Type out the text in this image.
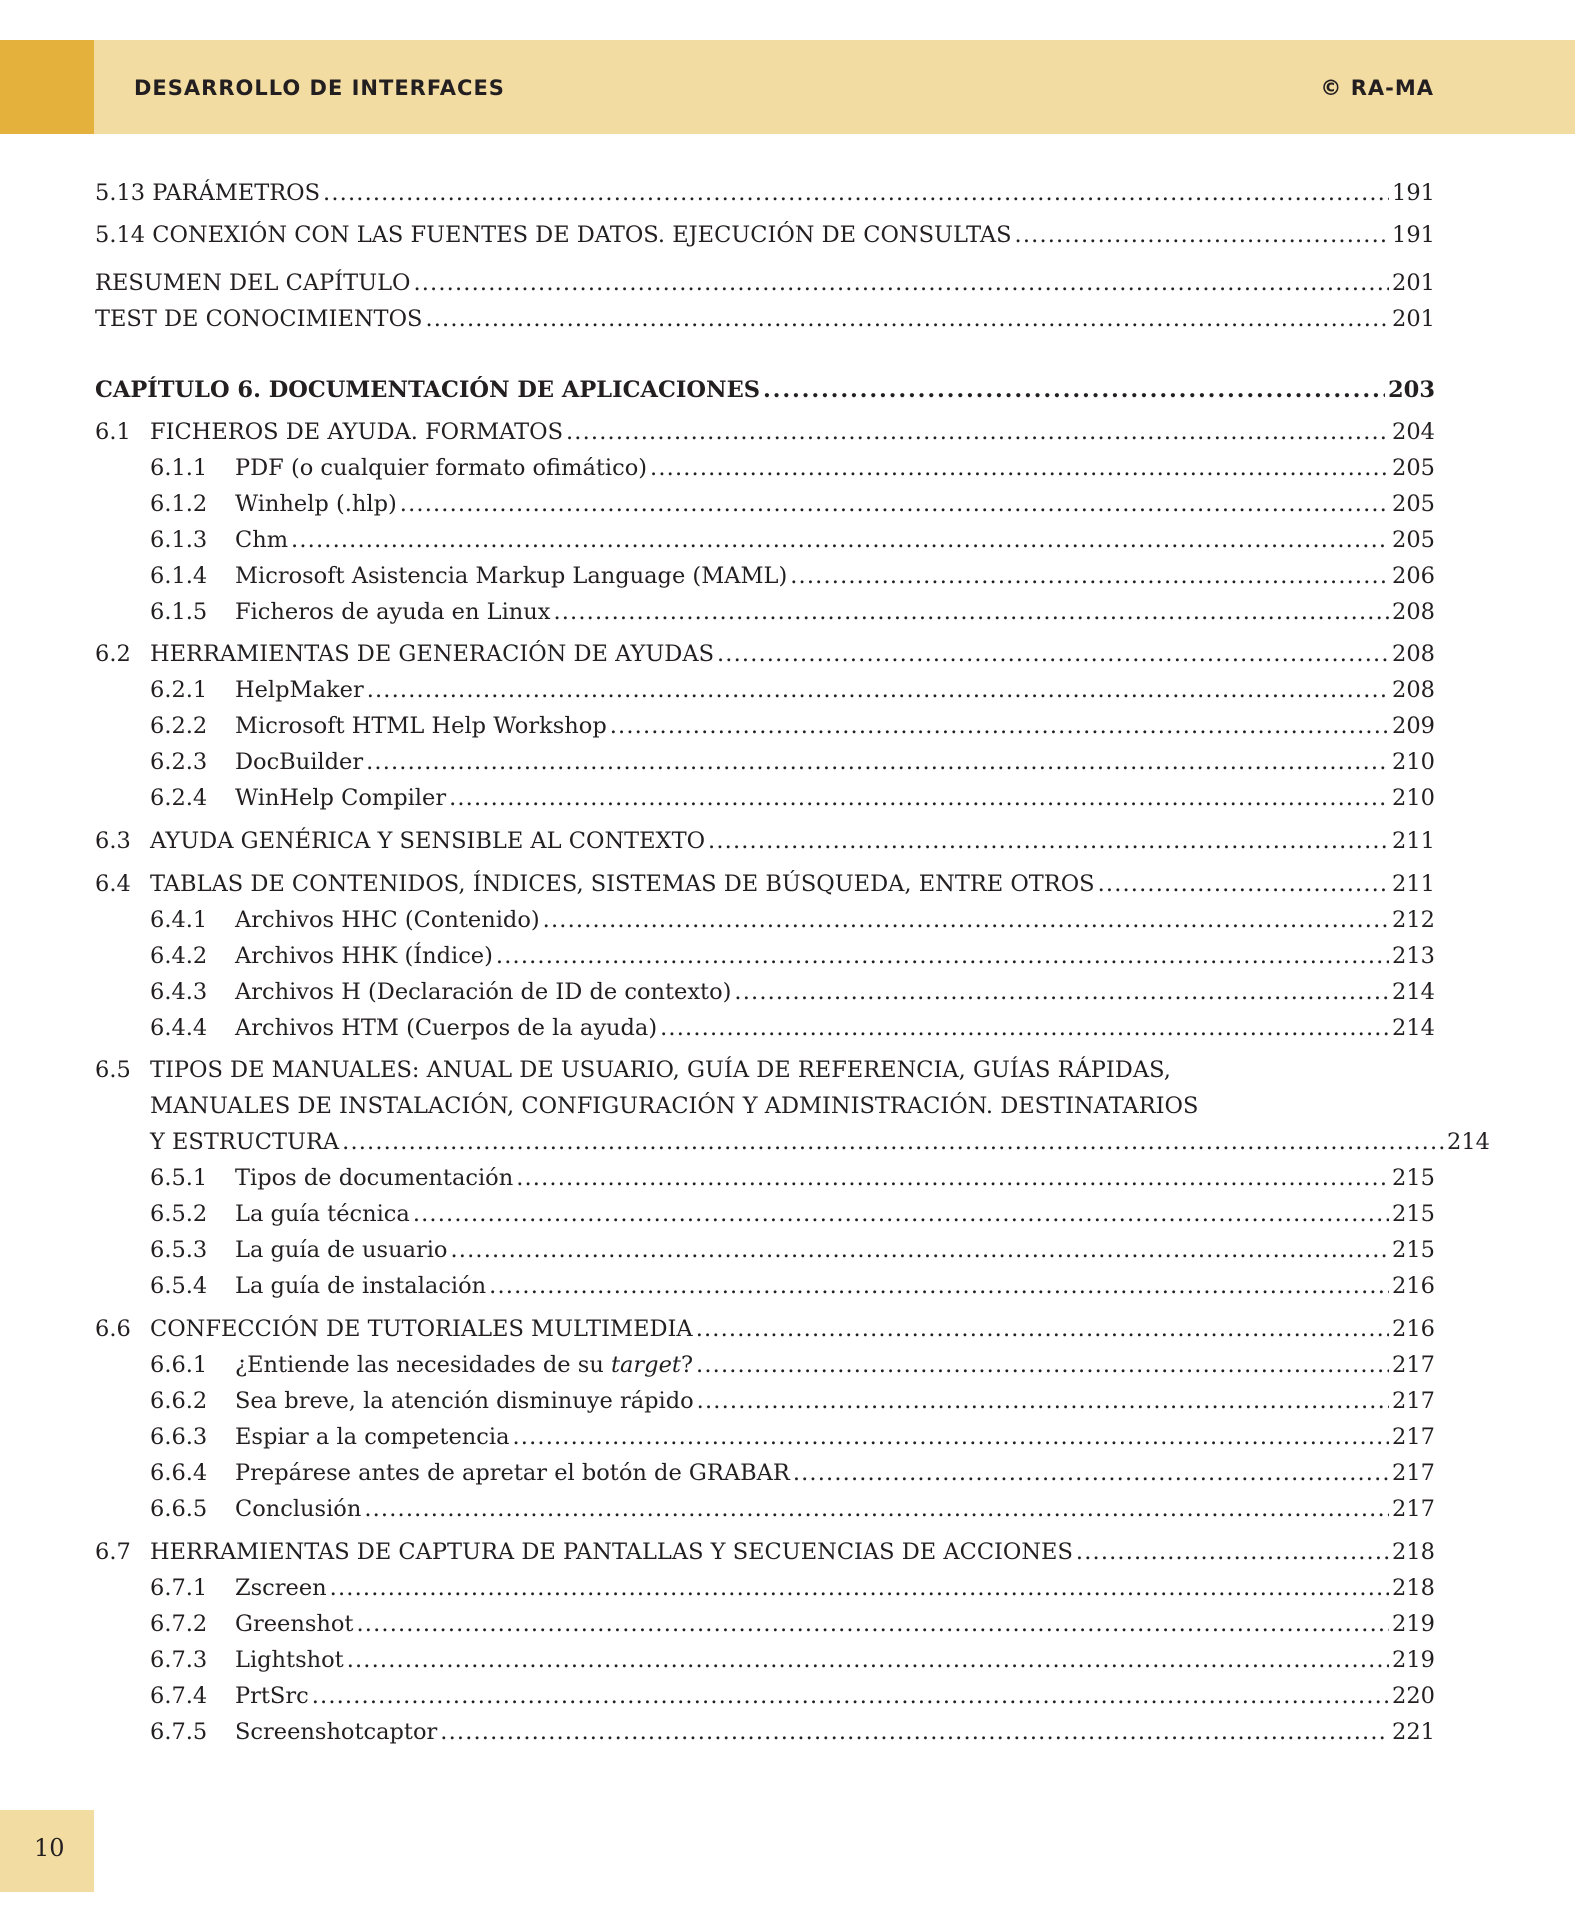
DESARROLLO DE INTERFACES	© RA-MA
5.13 PARÁMETROS . . .	191
5.14 CONEXIÓN CON LAS FUENTES DE DATOS. EJECUCIÓN DE CONSULTAS . . .	191
RESUMEN DEL CAPÍTULO . . .	201
TEST DE CONOCIMIENTOS . . .	201
CAPÍTULO 6. DOCUMENTACIÓN DE APLICACIONES . . .	203
6.1 FICHEROS DE AYUDA. FORMATOS . . .	204
6.1.1	PDF (o cualquier formato ofimático) . . .	205
6.1.2	Winhelp (.hlp) . . .	205
6.1.3	Chm . . .	205
6.1.4	Microsoft Asistencia Markup Language (MAML) . . .	206
6.1.5	Ficheros de ayuda en Linux . . .	208
6.2 HERRAMIENTAS DE GENERACIÓN DE AYUDAS . . .	208
6.2.1	HelpMaker . . .	208
6.2.2	Microsoft HTML Help Workshop . . .	209
6.2.3	DocBuilder . . .	210
6.2.4	WinHelp Compiler . . .	210
6.3 AYUDA GENÉRICA Y SENSIBLE AL CONTEXTO . . .	211
6.4 TABLAS DE CONTENIDOS, ÍNDICES, SISTEMAS DE BÚSQUEDA, ENTRE OTROS . . .	211
6.4.1	Archivos HHC (Contenido) . . .	212
6.4.2	Archivos HHK (Índice) . . .	213
6.4.3	Archivos H (Declaración de ID de contexto) . . .	214
6.4.4	Archivos HTM (Cuerpos de la ayuda) . . .	214
6.5 TIPOS DE MANUALES: ANUAL DE USUARIO, GUÍA DE REFERENCIA, GUÍAS RÁPIDAS,
MANUALES DE INSTALACIÓN, CONFIGURACIÓN Y ADMINISTRACIÓN. DESTINATARIOS
Y ESTRUCTURA . . .	214
6.5.1	Tipos de documentación . . .	215
6.5.2	La guía técnica . . .	215
6.5.3	La guía de usuario . . .	215
6.5.4	La guía de instalación . . .	216
6.6 CONFECCIÓN DE TUTORIALES MULTIMEDIA . . .	216
6.6.1	¿Entiende las necesidades de su target? . . .	217
6.6.2	Sea breve, la atención disminuye rápido . . .	217
6.6.3	Espiar a la competencia . . .	217
6.6.4	Prepárese antes de apretar el botón de GRABAR . . .	217
6.6.5	Conclusión . . .	217
6.7 HERRAMIENTAS DE CAPTURA DE PANTALLAS Y SECUENCIAS DE ACCIONES . . .	218
6.7.1	Zscreen . . .	218
6.7.2	Greenshot . . .	219
6.7.3	Lightshot . . .	219
6.7.4	PrtSrc . . .	220
6.7.5	Screenshotcaptor . . .	221
10
